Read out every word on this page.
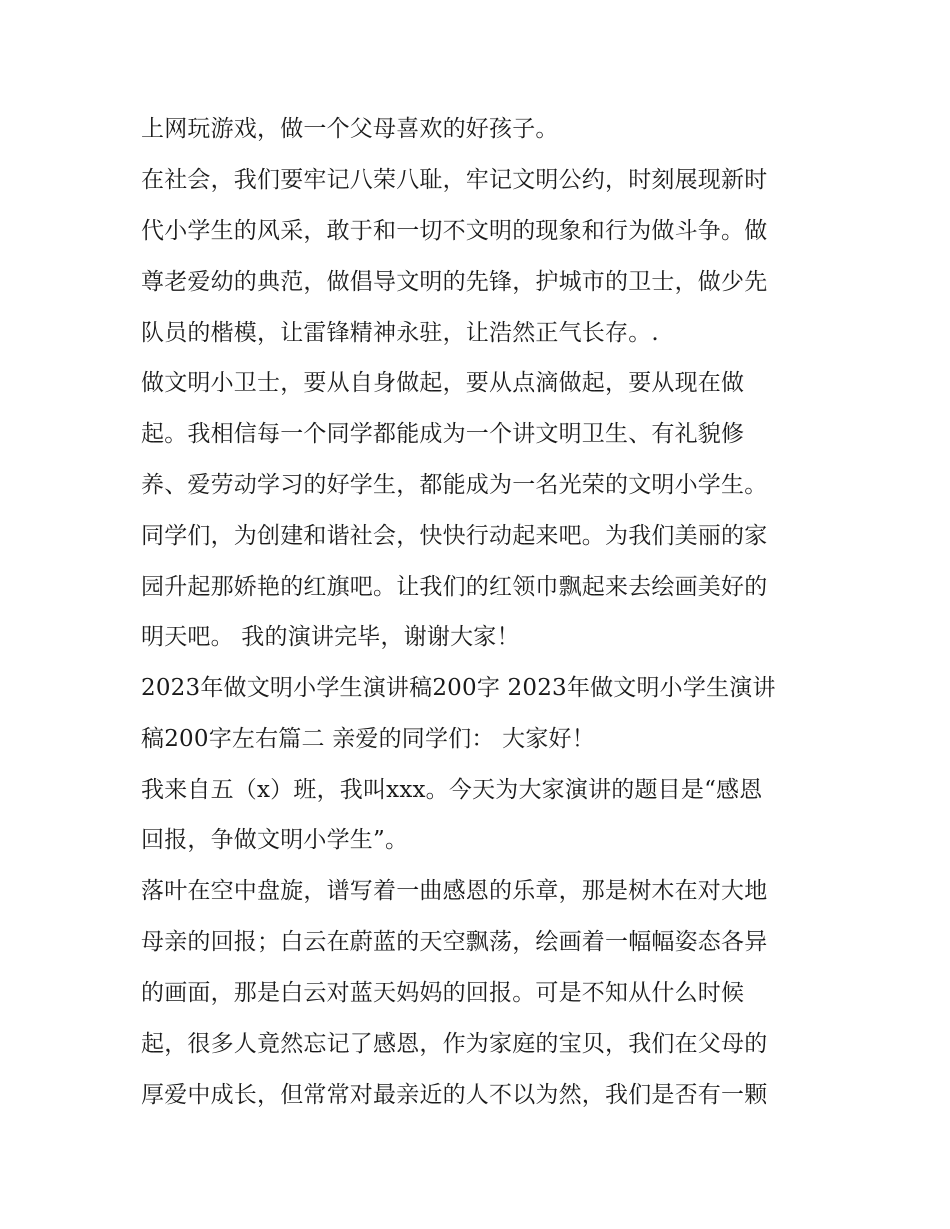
上网玩游戏，做一个父母喜欢的好孩子。

在社会，我们要牢记八荣八耻，牢记文明公约，时刻展现新时

代小学生的风采，敢于和一切不文明的现象和行为做斗争。做

尊老爱幼的典范，做倡导文明的先锋，护城市的卫士，做少先

队员的楷模，让雷锋精神永驻，让浩然正气长存。.

做文明小卫士，要从自身做起，要从点滴做起，要从现在做

起。我相信每一个同学都能成为一个讲文明卫生、有礼貌修

养、爱劳动学习的好学生，都能成为一名光荣的文明小学生。

同学们，为创建和谐社会，快快行动起来吧。为我们美丽的家

园升起那娇艳的红旗吧。让我们的红领巾飘起来去绘画美好的

明天吧。 我的演讲完毕，谢谢大家！

2023年做文明小学生演讲稿200字 2023年做文明小学生演讲

稿200字左右篇二 亲爱的同学们： 大家好！

我来自五（x）班，我叫xxx。今天为大家演讲的题目是“感恩

回报，争做文明小学生”。

落叶在空中盘旋，谱写着一曲感恩的乐章，那是树木在对大地

母亲的回报；白云在蔚蓝的天空飘荡，绘画着一幅幅姿态各异

的画面，那是白云对蓝天妈妈的回报。可是不知从什么时候

起，很多人竟然忘记了感恩，作为家庭的宝贝，我们在父母的

厚爱中成长，但常常对最亲近的人不以为然，我们是否有一颗
